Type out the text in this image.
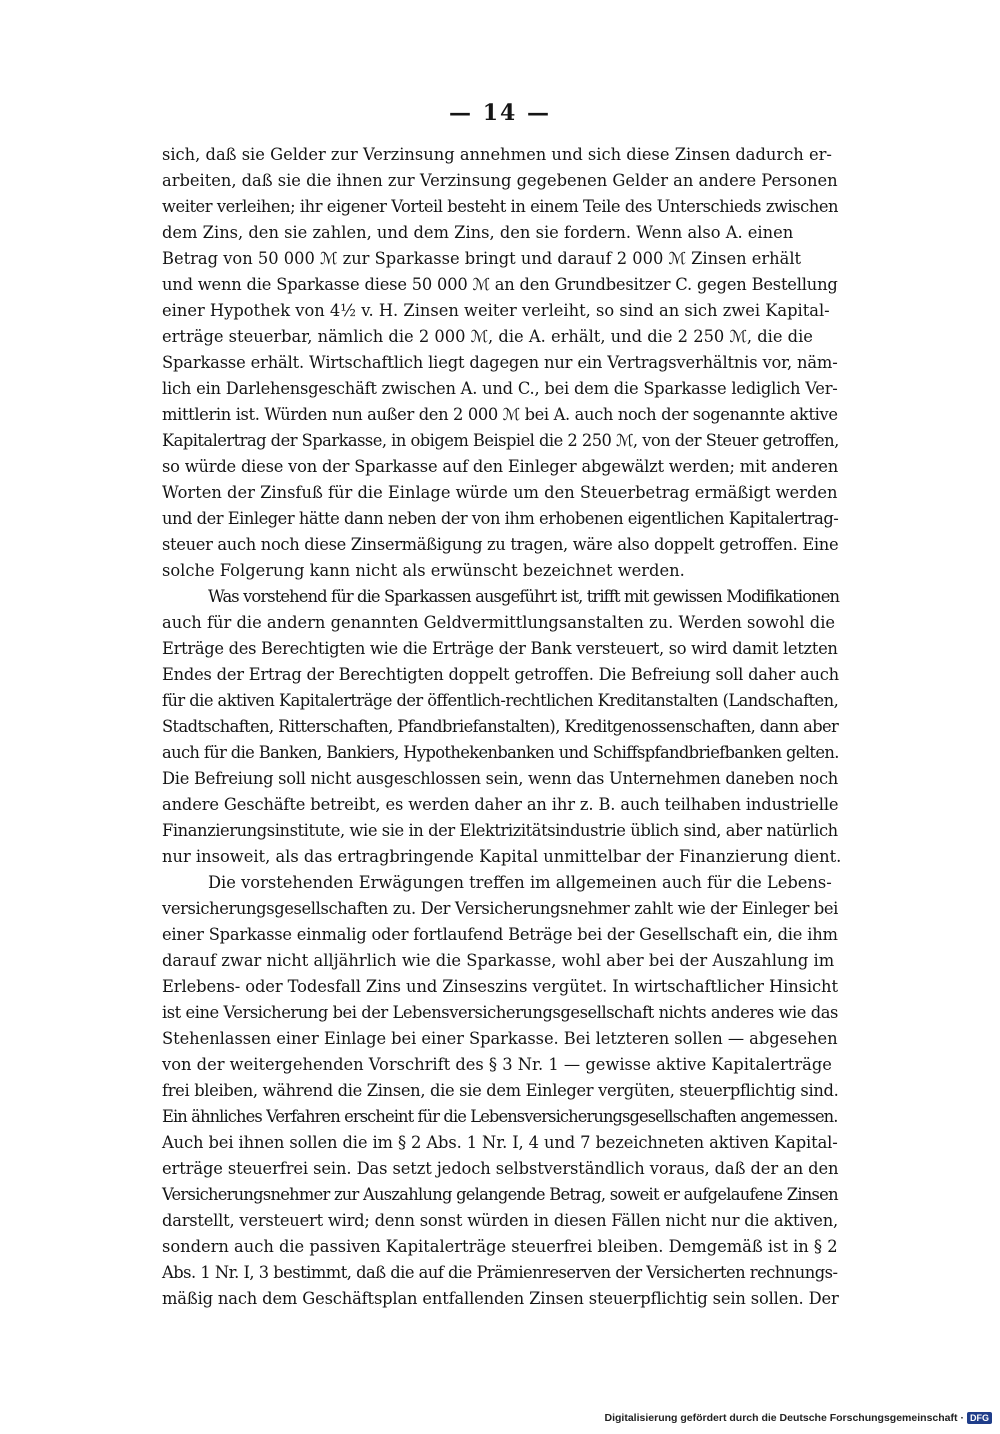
— 14 —
sich, daß sie Gelder zur Verzinsung annehmen und sich diese Zinsen dadurch er-
arbeiten, daß sie die ihnen zur Verzinsung gegebenen Gelder an andere Personen
weiter verleihen; ihr eigener Vorteil besteht in einem Teile des Unterschieds zwischen
dem Zins, den sie zahlen, und dem Zins, den sie fordern. Wenn also A. einen
Betrag von 50 000 ℳ zur Sparkasse bringt und darauf 2 000 ℳ Zinsen erhält
und wenn die Sparkasse diese 50 000 ℳ an den Grundbesitzer C. gegen Bestellung
einer Hypothek von 4½ v. H. Zinsen weiter verleiht, so sind an sich zwei Kapital-
erträge steuerbar, nämlich die 2 000 ℳ, die A. erhält, und die 2 250 ℳ, die die
Sparkasse erhält. Wirtschaftlich liegt dagegen nur ein Vertragsverhältnis vor, näm-
lich ein Darlehensgeschäft zwischen A. und C., bei dem die Sparkasse lediglich Ver-
mittlerin ist. Würden nun außer den 2 000 ℳ bei A. auch noch der sogenannte aktive
Kapitalertrag der Sparkasse, in obigem Beispiel die 2 250 ℳ, von der Steuer getroffen,
so würde diese von der Sparkasse auf den Einleger abgewälzt werden; mit anderen
Worten der Zinsfuß für die Einlage würde um den Steuerbetrag ermäßigt werden
und der Einleger hätte dann neben der von ihm erhobenen eigentlichen Kapitalertrag-
steuer auch noch diese Zinsermäßigung zu tragen, wäre also doppelt getroffen. Eine
solche Folgerung kann nicht als erwünscht bezeichnet werden.
Was vorstehend für die Sparkassen ausgeführt ist, trifft mit gewissen Modifikationen
auch für die andern genannten Geldvermittlungsanstalten zu. Werden sowohl die
Erträge des Berechtigten wie die Erträge der Bank versteuert, so wird damit letzten
Endes der Ertrag der Berechtigten doppelt getroffen. Die Befreiung soll daher auch
für die aktiven Kapitalerträge der öffentlich-rechtlichen Kreditanstalten (Landschaften,
Stadtschaften, Ritterschaften, Pfandbriefanstalten), Kreditgenossenschaften, dann aber
auch für die Banken, Bankiers, Hypothekenbanken und Schiffspfandbriefbanken gelten.
Die Befreiung soll nicht ausgeschlossen sein, wenn das Unternehmen daneben noch
andere Geschäfte betreibt, es werden daher an ihr z. B. auch teilhaben industrielle
Finanzierungsinstitute, wie sie in der Elektrizitätsindustrie üblich sind, aber natürlich
nur insoweit, als das ertragbringende Kapital unmittelbar der Finanzierung dient.
Die vorstehenden Erwägungen treffen im allgemeinen auch für die Lebens-
versicherungsgesellschaften zu. Der Versicherungsnehmer zahlt wie der Einleger bei
einer Sparkasse einmalig oder fortlaufend Beträge bei der Gesellschaft ein, die ihm
darauf zwar nicht alljährlich wie die Sparkasse, wohl aber bei der Auszahlung im
Erlebens- oder Todesfall Zins und Zinseszins vergütet. In wirtschaftlicher Hinsicht
ist eine Versicherung bei der Lebensversicherungsgesellschaft nichts anderes wie das
Stehenlassen einer Einlage bei einer Sparkasse. Bei letzteren sollen — abgesehen
von der weitergehenden Vorschrift des § 3 Nr. 1 — gewisse aktive Kapitalerträge
frei bleiben, während die Zinsen, die sie dem Einleger vergüten, steuerpflichtig sind.
Ein ähnliches Verfahren erscheint für die Lebensversicherungsgesellschaften angemessen.
Auch bei ihnen sollen die im § 2 Abs. 1 Nr. I, 4 und 7 bezeichneten aktiven Kapital-
erträge steuerfrei sein. Das setzt jedoch selbstverständlich voraus, daß der an den
Versicherungsnehmer zur Auszahlung gelangende Betrag, soweit er aufgelaufene Zinsen
darstellt, versteuert wird; denn sonst würden in diesen Fällen nicht nur die aktiven,
sondern auch die passiven Kapitalerträge steuerfrei bleiben. Demgemäß ist in § 2
Abs. 1 Nr. I, 3 bestimmt, daß die auf die Prämienreserven der Versicherten rechnungs-
mäßig nach dem Geschäftsplan entfallenden Zinsen steuerpflichtig sein sollen. Der
Digitalisierung gefördert durch die Deutsche Forschungsgemeinschaft · DFG
